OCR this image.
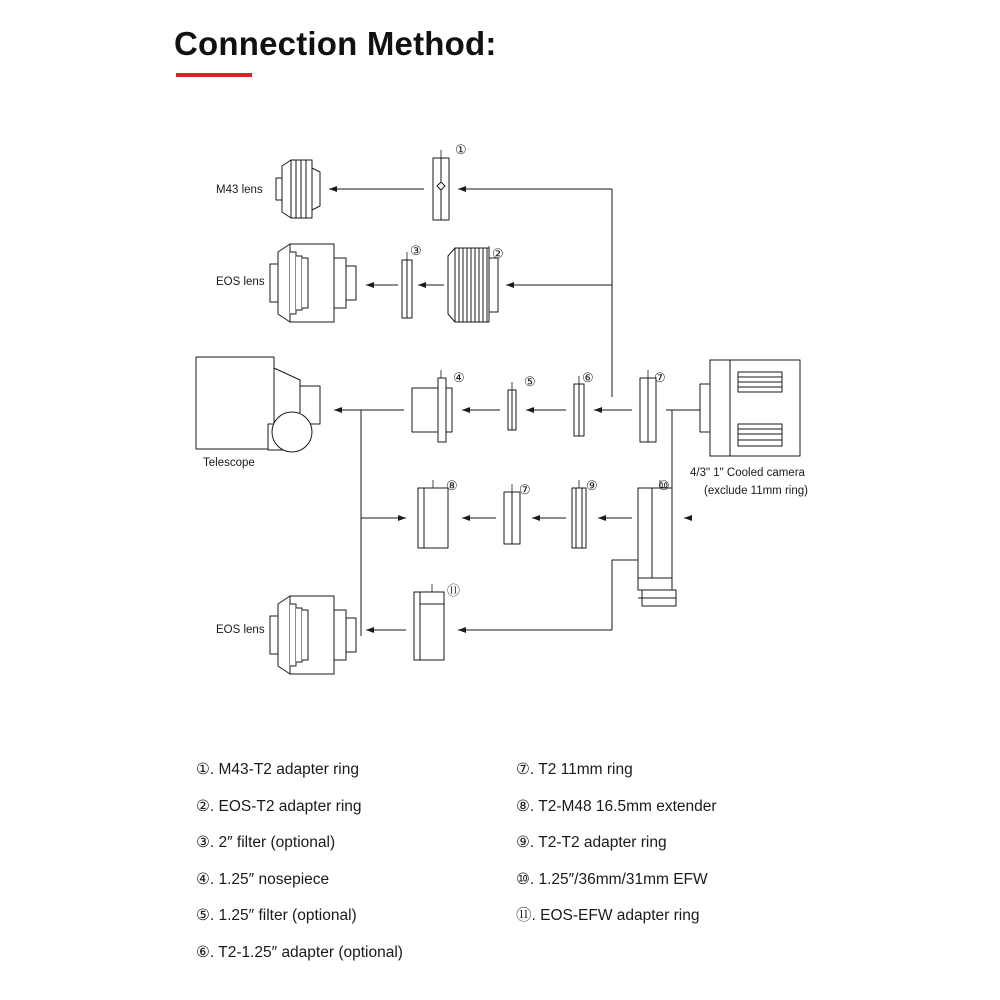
Connection Method:
M43 lens
EOS lens
Telescope
4/3" 1" Cooled camera
(exclude 11mm ring)
EOS lens
①
②
③
④	⑤	⑥	⑦
⑧	⑦	⑨	⑩
⑪
①. M43-T2 adapter ring
②. EOS-T2 adapter ring
③. 2″ filter (optional)
④. 1.25″ nosepiece
⑤. 1.25″ filter (optional)
⑥. T2-1.25″ adapter (optional)
⑦. T2 11mm ring
⑧. T2-M48 16.5mm extender
⑨. T2-T2 adapter ring
⑩. 1.25″/36mm/31mm EFW
⑪. EOS-EFW adapter ring
